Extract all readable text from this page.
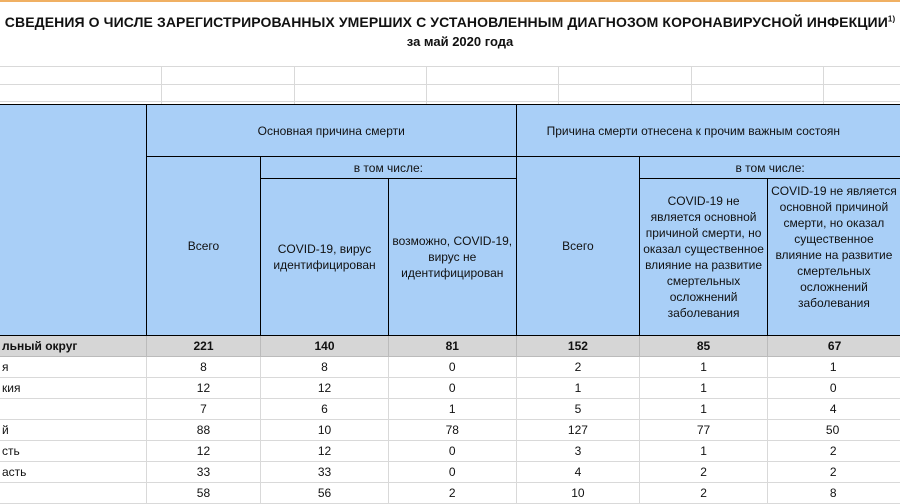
СВЕДЕНИЯ О ЧИСЛЕ ЗАРЕГИСТРИРОВАННЫХ УМЕРШИХ С УСТАНОВЛЕННЫМ ДИАГНОЗОМ КОРОНАВИРУСНОЙ ИНФЕКЦИИ$^{1)}$
за май 2020 года
	Основная причина смерти			Причина смерти отнесена к прочим важным состоян		
	Всего	в том числе:		Всего	в том числе:	

		COVID-19, вирус идентифицирован	возможно, COVID-19, вирус не идентифицирован		COVID-19 не является основной причиной смерти, но оказал существенное влияние на развитие смертельных осложнений заболевания	COVID-19 не является основной причиной смерти, но оказал существенное влияние на развитие смертельных осложнений заболевания

льный округ	221	140	81	152	85	67
я	8	8	0	2	1	1
кия	12	12	0	1	1	0
	7	6	1	5	1	4
й	88	10	78	127	77	50
сть	12	12	0	3	1	2
асть	33	33	0	4	2	2
	58	56	2	10	2	8
